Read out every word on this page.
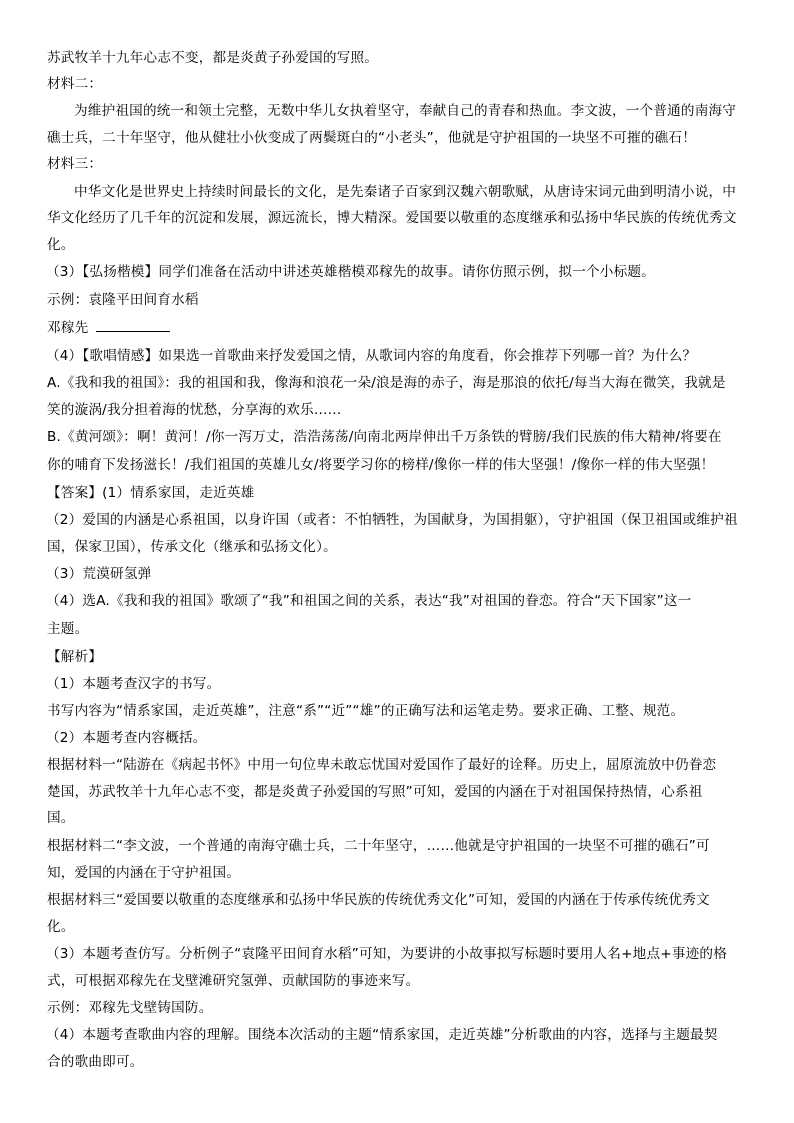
苏武牧羊十九年心志不变，都是炎黄子孙爱国的写照。
材料二：
为维护祖国的统一和领土完整，无数中华儿女执着坚守，奉献自己的青春和热血。李文波，一个普通的南海守
礁士兵，二十年坚守，他从健壮小伙变成了两鬓斑白的“小老头”，他就是守护祖国的一块坚不可摧的礁石！
材料三：
中华文化是世界史上持续时间最长的文化，是先秦诸子百家到汉魏六朝歌赋，从唐诗宋词元曲到明清小说，中
华文化经历了几千年的沉淀和发展，源远流长，博大精深。爱国要以敬重的态度继承和弘扬中华民族的传统优秀文
化。
（3）【弘扬楷模】同学们准备在活动中讲述英雄楷模邓稼先的故事。请你仿照示例，拟一个小标题。
示例：袁隆平田间育水稻
邓稼先
（4）【歌唱情感】如果选一首歌曲来抒发爱国之情，从歌词内容的角度看，你会推荐下列哪一首？为什么？
A.《我和我的祖国》：我的祖国和我，像海和浪花一朵/浪是海的赤子，海是那浪的依托/每当大海在微笑，我就是
笑的漩涡/我分担着海的忧愁，分享海的欢乐……
B.《黄河颂》：啊！黄河！/你一泻万丈，浩浩荡荡/向南北两岸伸出千万条铁的臂膀/我们民族的伟大精神/将要在
你的哺育下发扬滋长！/我们祖国的英雄儿女/将要学习你的榜样/像你一样的伟大坚强！/像你一样的伟大坚强！
【答案】(1）情系家国，走近英雄
（2）爱国的内涵是心系祖国，以身许国（或者：不怕牺牲，为国献身，为国捐躯），守护祖国（保卫祖国或维护祖
国，保家卫国），传承文化（继承和弘扬文化）。
（3）荒漠研氢弹
（4）选A.《我和我的祖国》歌颂了“我”和祖国之间的关系，表达“我”对祖国的眷恋。符合“天下国家”这一
主题。
【解析】
（1）本题考查汉字的书写。
书写内容为“情系家国，走近英雄”，注意“系”“近”“雄”的正确写法和运笔走势。要求正确、工整、规范。
（2）本题考查内容概括。
根据材料一“陆游在《病起书怀》中用一句位卑未敢忘忧国对爱国作了最好的诠释。历史上，屈原流放中仍眷恋
楚国，苏武牧羊十九年心志不变，都是炎黄子孙爱国的写照”可知，爱国的内涵在于对祖国保持热情，心系祖
国。
根据材料二“李文波，一个普通的南海守礁士兵，二十年坚守，……他就是守护祖国的一块坚不可摧的礁石”可
知，爱国的内涵在于守护祖国。
根据材料三“爱国要以敬重的态度继承和弘扬中华民族的传统优秀文化”可知，爱国的内涵在于传承传统优秀文
化。
（3）本题考查仿写。分析例子“袁隆平田间育水稻”可知，为要讲的小故事拟写标题时要用人名+地点+事迹的格
式，可根据邓稼先在戈壁滩研究氢弹、贡献国防的事迹来写。
示例：邓稼先戈壁铸国防。
（4）本题考查歌曲内容的理解。围绕本次活动的主题“情系家国，走近英雄”分析歌曲的内容，选择与主题最契
合的歌曲即可。
